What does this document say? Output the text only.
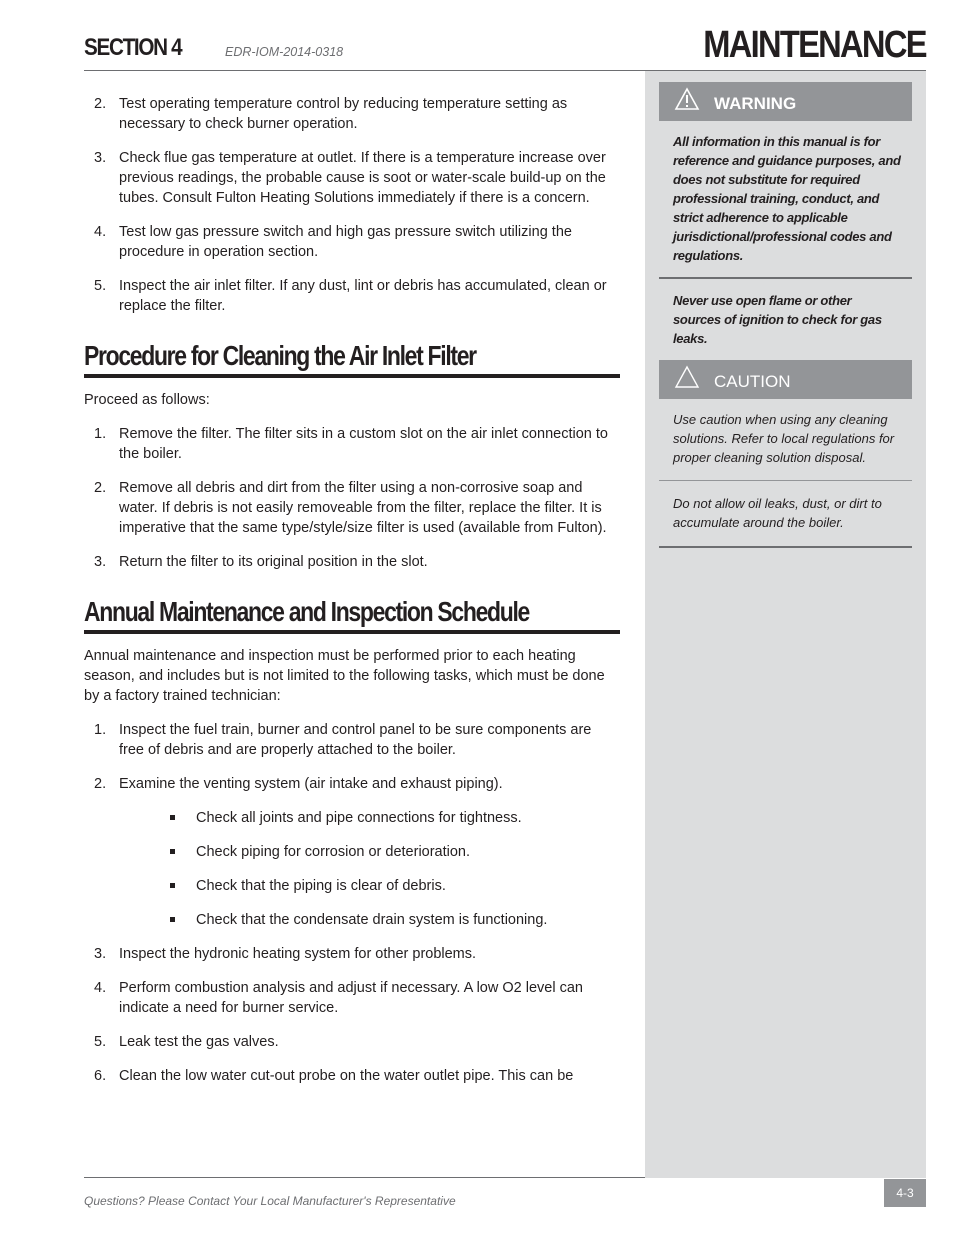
SECTION 4	EDR-IOM-2014-0318	MAINTENANCE
2. Test operating temperature control by reducing temperature setting as necessary to check burner operation.
3. Check flue gas temperature at outlet. If there is a temperature increase over previous readings, the probable cause is soot or water-scale build-up on the tubes. Consult Fulton Heating Solutions immediately if there is a concern.
4. Test low gas pressure switch and high gas pressure switch utilizing the procedure in operation section.
5. Inspect the air inlet filter. If any dust, lint or debris has accumulated, clean or replace the filter.
Procedure for Cleaning the Air Inlet Filter

Proceed as follows:

1. Remove the filter. The filter sits in a custom slot on the air inlet connection to the boiler.
2. Remove all debris and dirt from the filter using a non-corrosive soap and water. If debris is not easily removeable from the filter, replace the filter. It is imperative that the same type/style/size filter is used (available from Fulton).
3. Return the filter to its original position in the slot.
Annual Maintenance and Inspection Schedule

Annual maintenance and inspection must be performed prior to each heating season, and includes but is not limited to the following tasks, which must be done by a factory trained technician:

1. Inspect the fuel train, burner and control panel to be sure components are free of debris and are properly attached to the boiler.
2. Examine the venting system (air intake and exhaust piping).
Check all joints and pipe connections for tightness.
Check piping for corrosion or deterioration.
Check that the piping is clear of debris.
Check that the condensate drain system is functioning.
3. Inspect the hydronic heating system for other problems.
4. Perform combustion analysis and adjust if necessary. A low O2 level can indicate a need for burner service.
5. Leak test the gas valves.
6. Clean the low water cut-out probe on the water outlet pipe. This can be
WARNING
All information in this manual is for reference and guidance purposes, and does not substitute for required professional training, conduct, and strict adherence to applicable jurisdictional/professional codes and regulations.
Never use open flame or other sources of ignition to check for gas leaks.
CAUTION
Use caution when using any cleaning solutions. Refer to local regulations for proper cleaning solution disposal.
Do not allow oil leaks, dust, or dirt to accumulate around the boiler.
Questions? Please Contact Your Local Manufacturer's Representative
4-3
